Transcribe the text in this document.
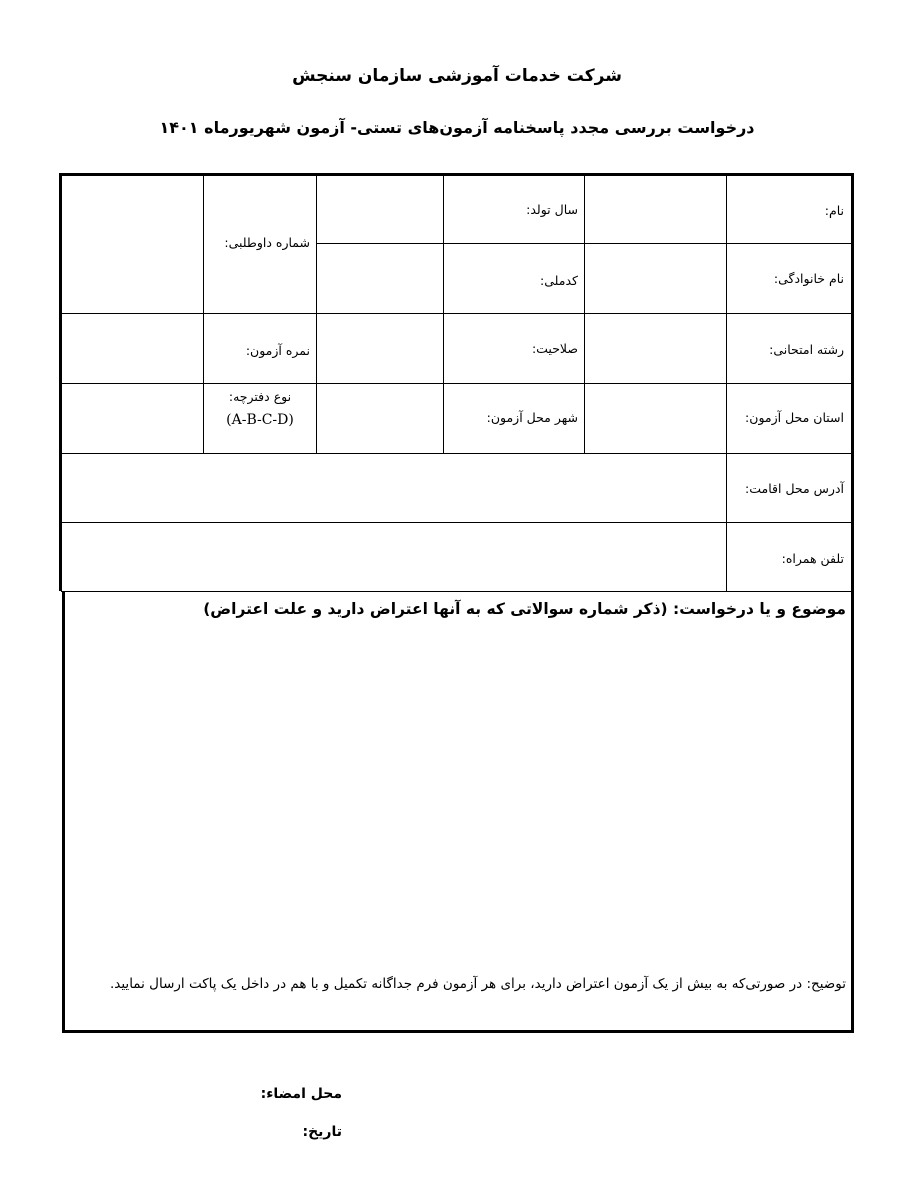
شرکت خدمات آموزشی سازمان سنجش
درخواست بررسی مجدد پاسخنامه آزمون‌های تستی- آزمون شهریورماه ۱۴۰۱
نام:
نام خانوادگی:
سال تولد:
کدملی:
شماره داوطلبی:
رشته امتحانی:
صلاحیت:
نمره آزمون:
استان محل آزمون:
شهر محل آزمون:
نوع دفترچه:
(A-B-C-D)
آدرس محل اقامت:
تلفن همراه:
موضوع و یا درخواست: (ذکر شماره سوالاتی که به آنها اعتراض دارید و علت اعتراض)
توضیح: در صورتی‌که به بیش از یک آزمون اعتراض دارید، برای هر آزمون فرم جداگانه تکمیل و با هم در داخل یک پاکت ارسال نمایید.
محل امضاء:
تاریخ:
